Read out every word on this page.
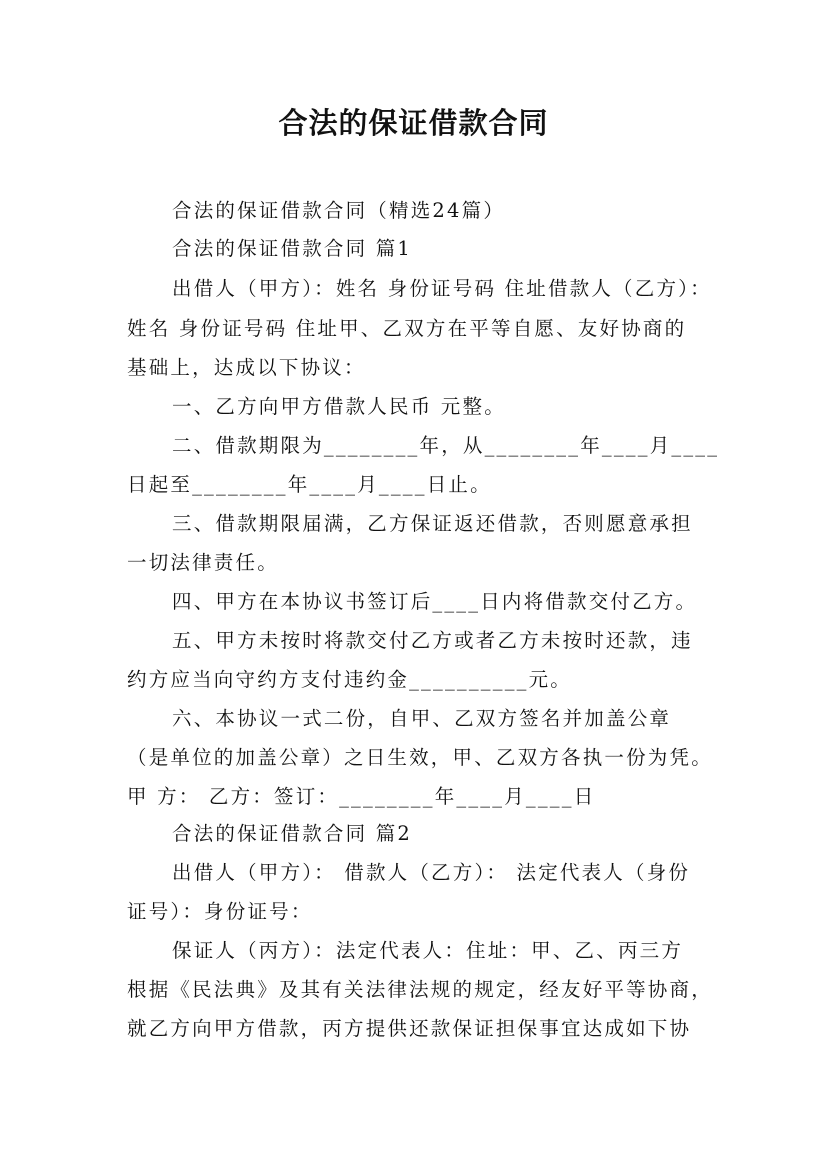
合法的保证借款合同
合法的保证借款合同（精选24篇）
合法的保证借款合同 篇1
出借人（甲方）：姓名 身份证号码 住址借款人（乙方）：
姓名 身份证号码 住址甲、乙双方在平等自愿、友好协商的
基础上，达成以下协议：
一、乙方向甲方借款人民币 元整。
二、借款期限为________年，从________年____月____
日起至________年____月____日止。
三、借款期限届满，乙方保证返还借款，否则愿意承担
一切法律责任。
四、甲方在本协议书签订后____日内将借款交付乙方。
五、甲方未按时将款交付乙方或者乙方未按时还款，违
约方应当向守约方支付违约金__________元。
六、本协议一式二份，自甲、乙双方签名并加盖公章
（是单位的加盖公章）之日生效，甲、乙双方各执一份为凭。
甲 方： 乙方：签订：________年____月____日
合法的保证借款合同 篇2
出借人（甲方）： 借款人（乙方）： 法定代表人（身份
证号）：身份证号：
保证人（丙方）：法定代表人：住址：甲、乙、丙三方
根据《民法典》及其有关法律法规的规定，经友好平等协商，
就乙方向甲方借款，丙方提供还款保证担保事宜达成如下协
